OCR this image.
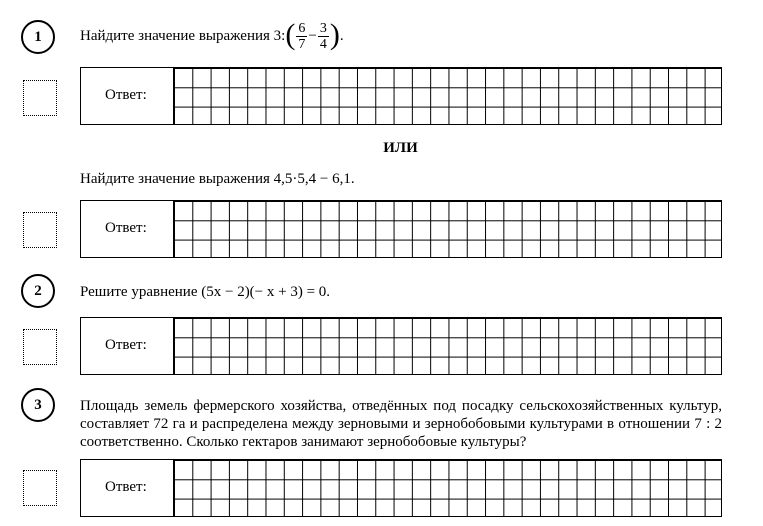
1	Найдите значение выражения 3:( $\frac{6}{7} - \frac{3}{4}$ ).
Ответ:
ИЛИ
Найдите значение выражения 4,5·5,4 − 6,1.
Ответ:
2	Решите уравнение (5x − 2)(− x + 3) = 0.
Ответ:
3	Площадь земель фермерского хозяйства, отведённых под посадку сельскохозяйственных культур, составляет 72 га и распределена между зерновыми и зернобобовыми культурами в отношении 7 : 2 соответственно. Сколько гектаров занимают зернобобовые культуры?
Ответ:
